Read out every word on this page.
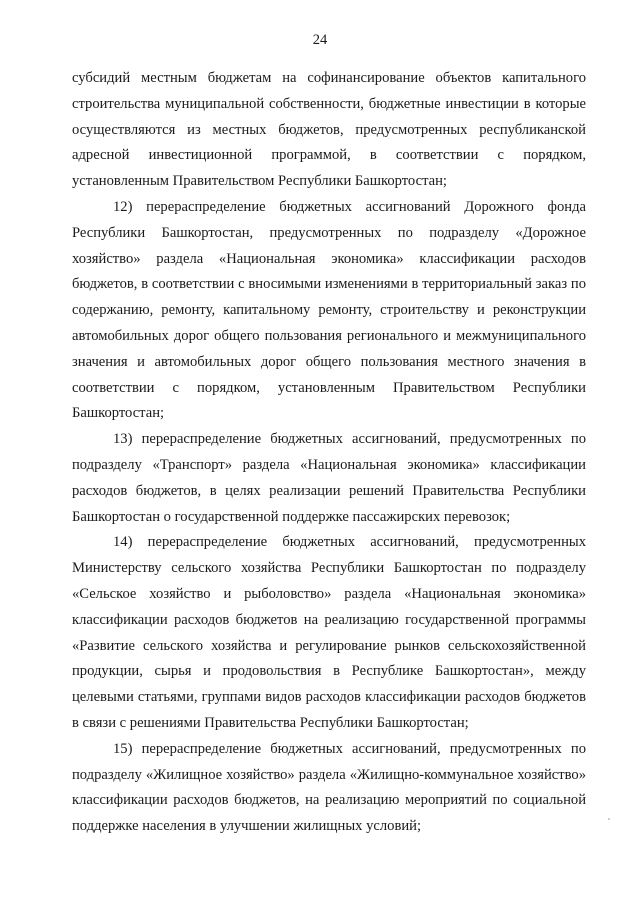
24

субсидий местным бюджетам на софинансирование объектов капитального строительства муниципальной собственности, бюджетные инвестиции в которые осуществляются из местных бюджетов, предусмотренных республиканской адресной инвестиционной программой, в соответствии с порядком, установленным Правительством Республики Башкортостан;

12) перераспределение бюджетных ассигнований Дорожного фонда Республики Башкортостан, предусмотренных по подразделу «Дорожное хозяйство» раздела «Национальная экономика» классификации расходов бюджетов, в соответствии с вносимыми изменениями в территориальный заказ по содержанию, ремонту, капитальному ремонту, строительству и реконструкции автомобильных дорог общего пользования регионального и межмуниципального значения и автомобильных дорог общего пользования местного значения в соответствии с порядком, установленным Правительством Республики Башкортостан;

13) перераспределение бюджетных ассигнований, предусмотренных по подразделу «Транспорт» раздела «Национальная экономика» классификации расходов бюджетов, в целях реализации решений Правительства Республики Башкортостан о государственной поддержке пассажирских перевозок;

14) перераспределение бюджетных ассигнований, предусмотренных Министерству сельского хозяйства Республики Башкортостан по подразделу «Сельское хозяйство и рыболовство» раздела «Национальная экономика» классификации расходов бюджетов на реализацию государственной программы «Развитие сельского хозяйства и регулирование рынков сельскохозяйственной продукции, сырья и продовольствия в Республике Башкортостан», между целевыми статьями, группами видов расходов классификации расходов бюджетов в связи с решениями Правительства Республики Башкортостан;

15) перераспределение бюджетных ассигнований, предусмотренных по подразделу «Жилищное хозяйство» раздела «Жилищно-коммунальное хозяйство» классификации расходов бюджетов, на реализацию мероприятий по социальной поддержке населения в улучшении жилищных условий;
